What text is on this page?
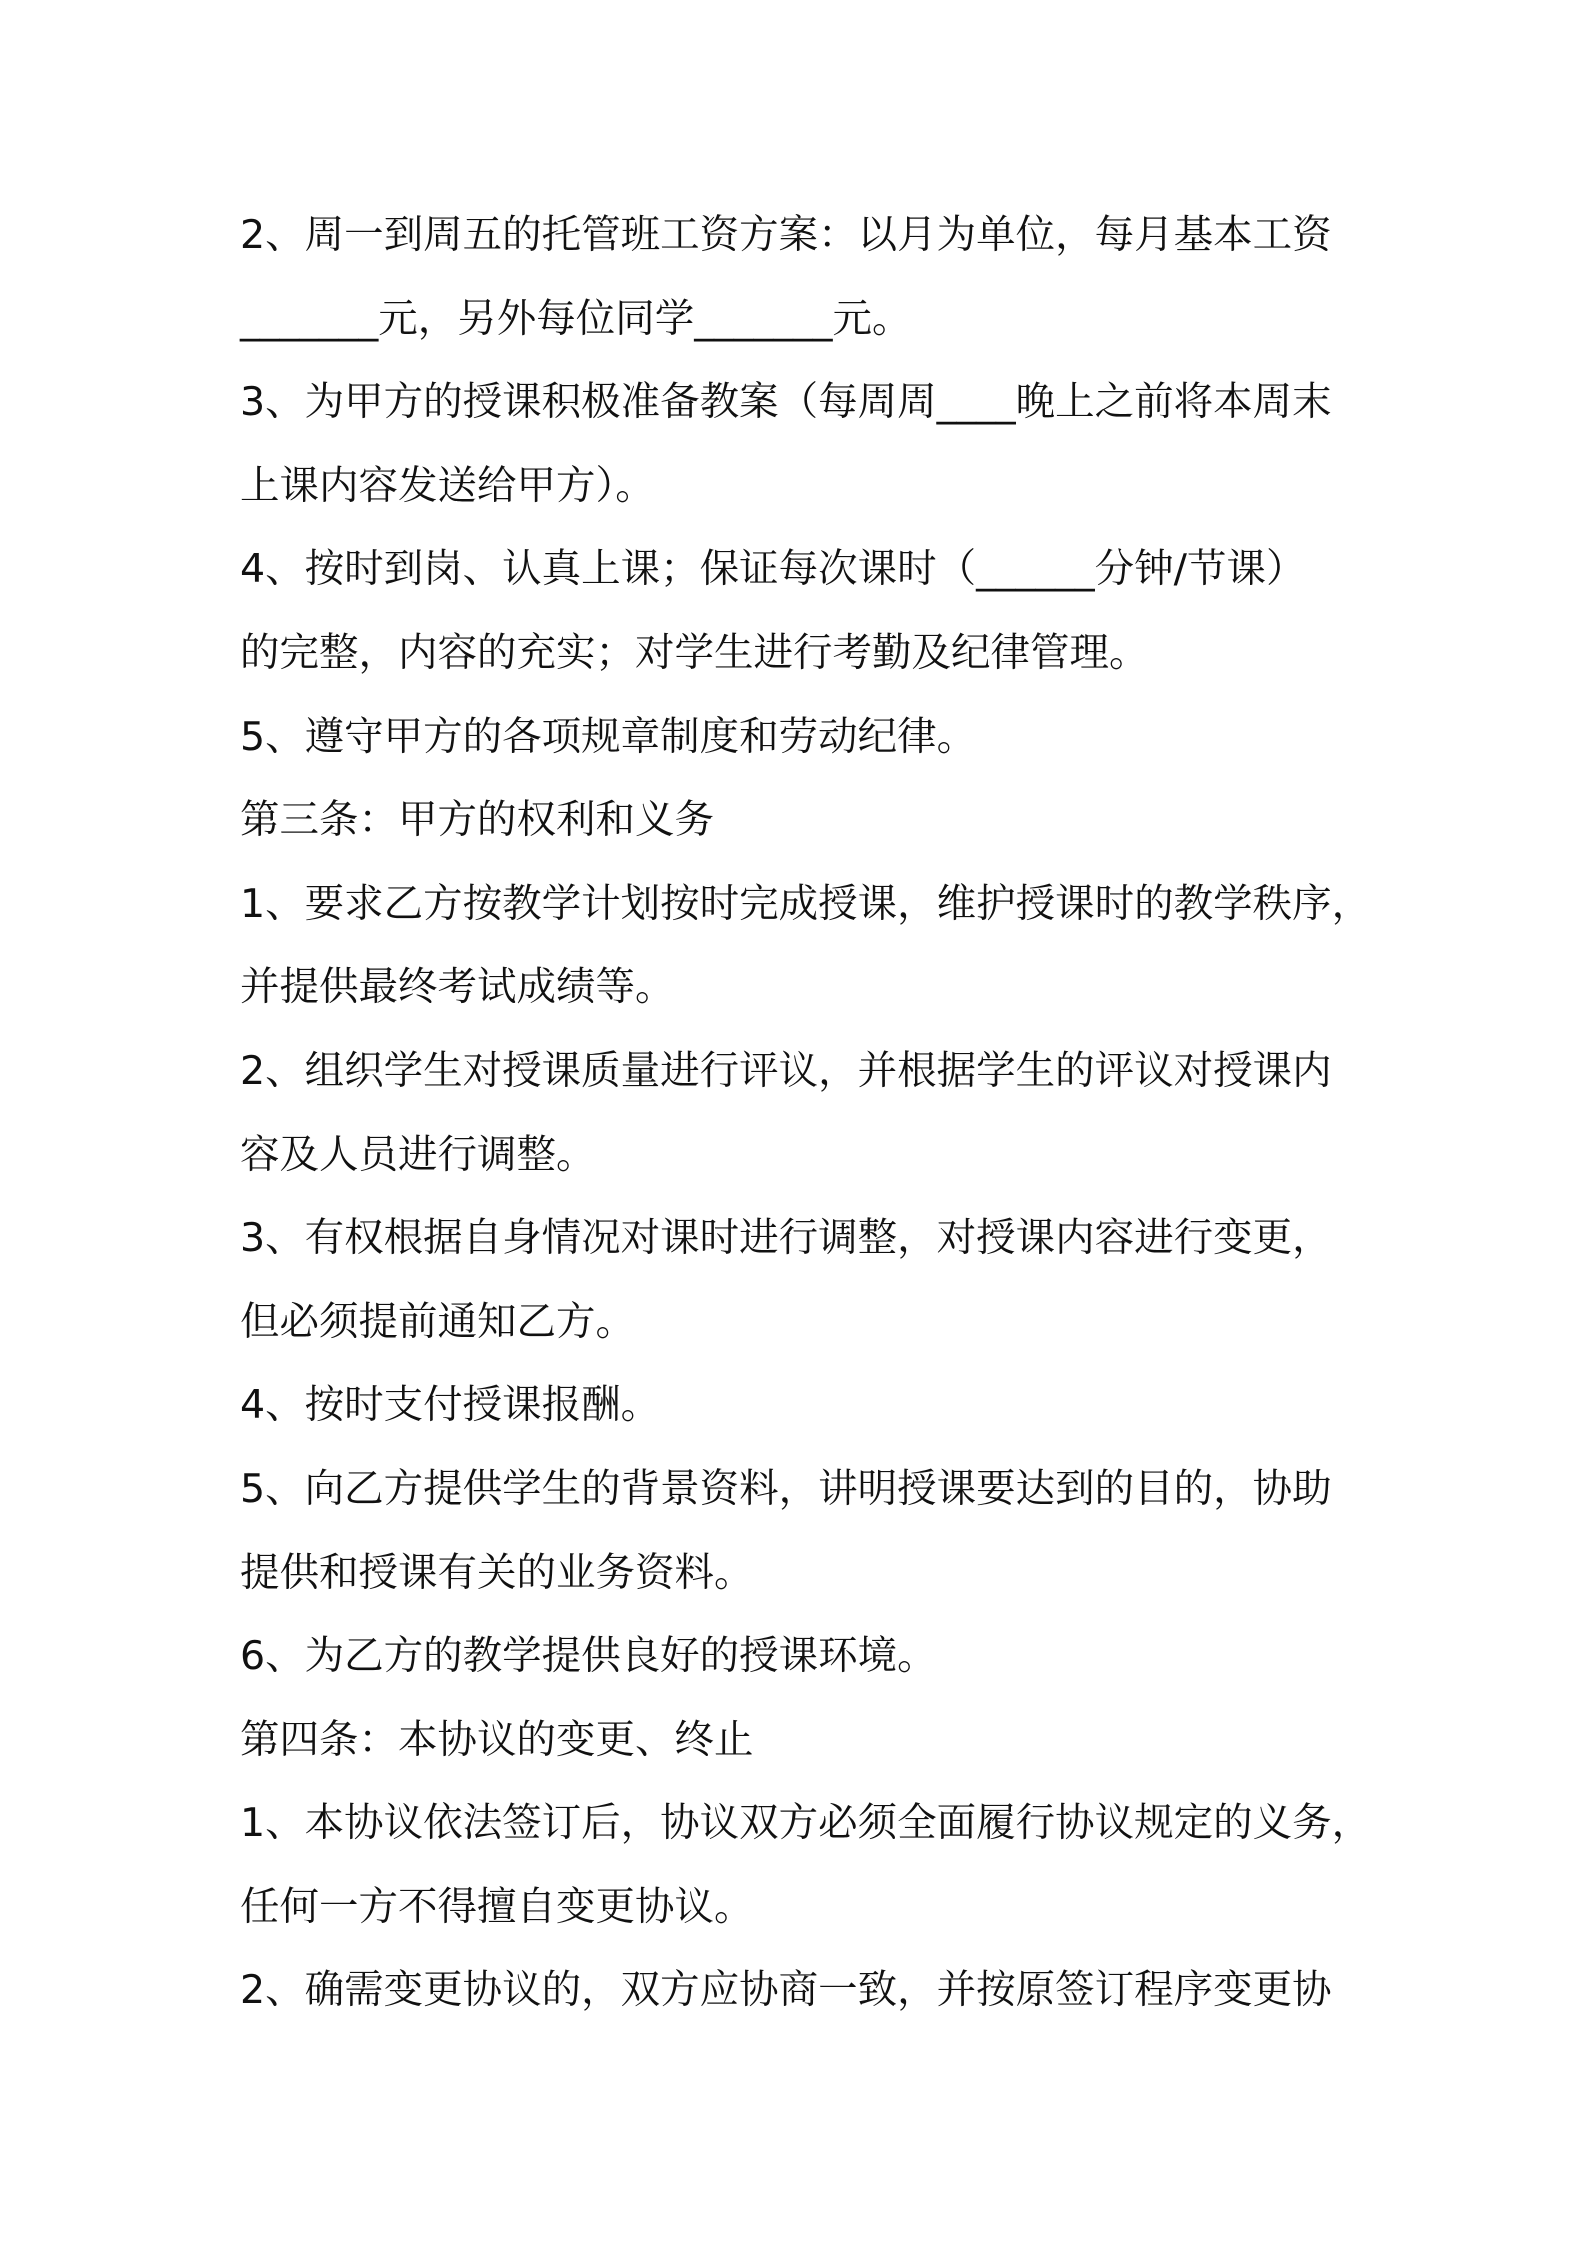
2、周一到周五的托管班工资方案：以月为单位，每月基本工资
_______元，另外每位同学_______元。
3、为甲方的授课积极准备教案（每周周____晚上之前将本周末
上课内容发送给甲方）。
4、按时到岗、认真上课；保证每次课时（______分钟/节课）
的完整，内容的充实；对学生进行考勤及纪律管理。
5、遵守甲方的各项规章制度和劳动纪律。
第三条：甲方的权利和义务
1、要求乙方按教学计划按时完成授课，维护授课时的教学秩序，
并提供最终考试成绩等。
2、组织学生对授课质量进行评议，并根据学生的评议对授课内
容及人员进行调整。
3、有权根据自身情况对课时进行调整，对授课内容进行变更，
但必须提前通知乙方。
4、按时支付授课报酬。
5、向乙方提供学生的背景资料，讲明授课要达到的目的，协助
提供和授课有关的业务资料。
6、为乙方的教学提供良好的授课环境。
第四条：本协议的变更、终止
1、本协议依法签订后，协议双方必须全面履行协议规定的义务，
任何一方不得擅自变更协议。
2、确需变更协议的，双方应协商一致，并按原签订程序变更协
